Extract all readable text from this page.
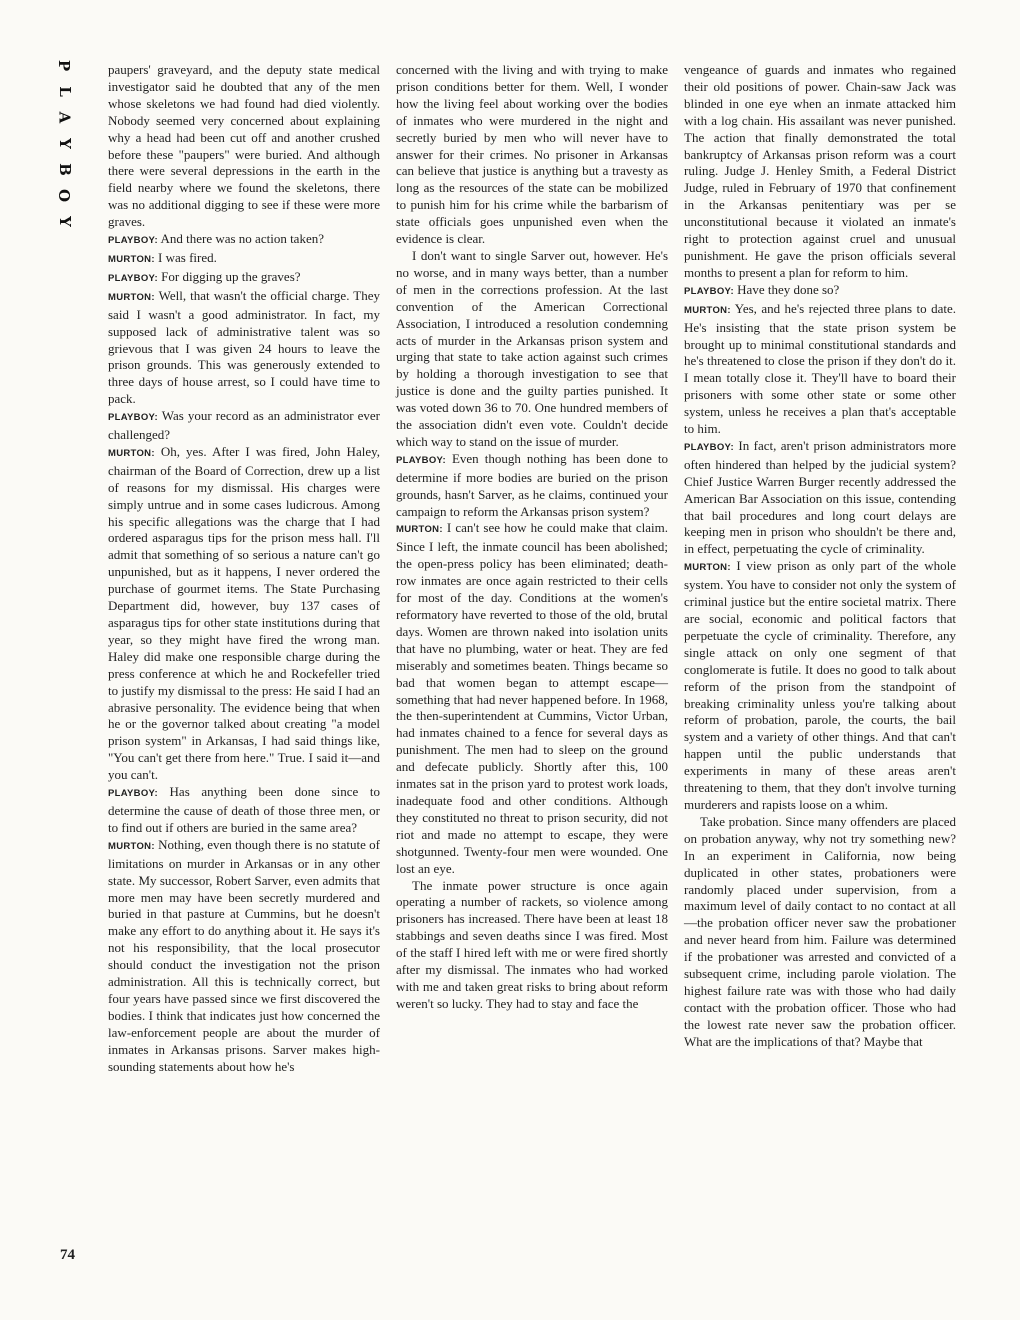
P
L
A
Y
B
O
Y

paupers' graveyard, and the deputy state medical investigator said he doubted that any of the men whose skeletons we had found had died violently. Nobody seemed very concerned about explaining why a head had been cut off and another crushed before these "paupers" were buried. And although there were several depressions in the earth in the field nearby where we found the skeletons, there was no additional digging to see if these were more graves.

PLAYBOY: And there was no action taken?

MURTON: I was fired.

PLAYBOY: For digging up the graves?

MURTON: Well, that wasn't the official charge. They said I wasn't a good administrator. In fact, my supposed lack of administrative talent was so grievous that I was given 24 hours to leave the prison grounds. This was generously extended to three days of house arrest, so I could have time to pack.

PLAYBOY: Was your record as an administrator ever challenged?

MURTON: Oh, yes. After I was fired, John Haley, chairman of the Board of Correction, drew up a list of reasons for my dismissal. His charges were simply untrue and in some cases ludicrous. Among his specific allegations was the charge that I had ordered asparagus tips for the prison mess hall. I'll admit that something of so serious a nature can't go unpunished, but as it happens, I never ordered the purchase of gourmet items. The State Purchasing Department did, however, buy 137 cases of asparagus tips for other state institutions during that year, so they might have fired the wrong man. Haley did make one responsible charge during the press conference at which he and Rockefeller tried to justify my dismissal to the press: He said I had an abrasive personality. The evidence being that when he or the governor talked about creating "a model prison system" in Arkansas, I had said things like, "You can't get there from here." True. I said it—and you can't.

PLAYBOY: Has anything been done since to determine the cause of death of those three men, or to find out if others are buried in the same area?

MURTON: Nothing, even though there is no statute of limitations on murder in Arkansas or in any other state. My successor, Robert Sarver, even admits that more men may have been secretly murdered and buried in that pasture at Cummins, but he doesn't make any effort to do anything about it. He says it's not his responsibility, that the local prosecutor should conduct the investigation not the prison administration. All this is technically correct, but four years have passed since we first discovered the bodies. I think that indicates just how concerned the law-enforcement people are about the murder of inmates in Arkansas prisons. Sarver makes high-sounding statements about how he's

concerned with the living and with trying to make prison conditions better for them. Well, I wonder how the living feel about working over the bodies of inmates who were murdered in the night and secretly buried by men who will never have to answer for their crimes. No prisoner in Arkansas can believe that justice is anything but a travesty as long as the resources of the state can be mobilized to punish him for his crime while the barbarism of state officials goes unpunished even when the evidence is clear.

I don't want to single Sarver out, however. He's no worse, and in many ways better, than a number of men in the corrections profession. At the last convention of the American Correctional Association, I introduced a resolution condemning acts of murder in the Arkansas prison system and urging that state to take action against such crimes by holding a thorough investigation to see that justice is done and the guilty parties punished. It was voted down 36 to 70. One hundred members of the association didn't even vote. Couldn't decide which way to stand on the issue of murder.

PLAYBOY: Even though nothing has been done to determine if more bodies are buried on the prison grounds, hasn't Sarver, as he claims, continued your campaign to reform the Arkansas prison system?

MURTON: I can't see how he could make that claim. Since I left, the inmate council has been abolished; the open-press policy has been eliminated; death-row inmates are once again restricted to their cells for most of the day. Conditions at the women's reformatory have reverted to those of the old, brutal days. Women are thrown naked into isolation units that have no plumbing, water or heat. They are fed miserably and sometimes beaten. Things became so bad that women began to attempt escape—something that had never happened before. In 1968, the then-superintendent at Cummins, Victor Urban, had inmates chained to a fence for several days as punishment. The men had to sleep on the ground and defecate publicly. Shortly after this, 100 inmates sat in the prison yard to protest work loads, inadequate food and other conditions. Although they constituted no threat to prison security, did not riot and made no attempt to escape, they were shotgunned. Twenty-four men were wounded. One lost an eye.

The inmate power structure is once again operating a number of rackets, so violence among prisoners has increased. There have been at least 18 stabbings and seven deaths since I was fired. Most of the staff I hired left with me or were fired shortly after my dismissal. The inmates who had worked with me and taken great risks to bring about reform weren't so lucky. They had to stay and face the

vengeance of guards and inmates who regained their old positions of power. Chain-saw Jack was blinded in one eye when an inmate attacked him with a log chain. His assailant was never punished. The action that finally demonstrated the total bankruptcy of Arkansas prison reform was a court ruling. Judge J. Henley Smith, a Federal District Judge, ruled in February of 1970 that confinement in the Arkansas penitentiary was per se unconstitutional because it violated an inmate's right to protection against cruel and unusual punishment. He gave the prison officials several months to present a plan for reform to him.

PLAYBOY: Have they done so?

MURTON: Yes, and he's rejected three plans to date. He's insisting that the state prison system be brought up to minimal constitutional standards and he's threatened to close the prison if they don't do it. I mean totally close it. They'll have to board their prisoners with some other state or some other system, unless he receives a plan that's acceptable to him.

PLAYBOY: In fact, aren't prison administrators more often hindered than helped by the judicial system? Chief Justice Warren Burger recently addressed the American Bar Association on this issue, contending that bail procedures and long court delays are keeping men in prison who shouldn't be there and, in effect, perpetuating the cycle of criminality.

MURTON: I view prison as only part of the whole system. You have to consider not only the system of criminal justice but the entire societal matrix. There are social, economic and political factors that perpetuate the cycle of criminality. Therefore, any single attack on only one segment of that conglomerate is futile. It does no good to talk about reform of the prison from the standpoint of breaking criminality unless you're talking about reform of probation, parole, the courts, the bail system and a variety of other things. And that can't happen until the public understands that experiments in many of these areas aren't threatening to them, that they don't involve turning murderers and rapists loose on a whim.

Take probation. Since many offenders are placed on probation anyway, why not try something new? In an experiment in California, now being duplicated in other states, probationers were randomly placed under supervision, from a maximum level of daily contact to no contact at all—the probation officer never saw the probationer and never heard from him. Failure was determined if the probationer was arrested and convicted of a subsequent crime, including parole violation. The highest failure rate was with those who had daily contact with the probation officer. Those who had the lowest rate never saw the probation officer. What are the implications of that? Maybe that

74
